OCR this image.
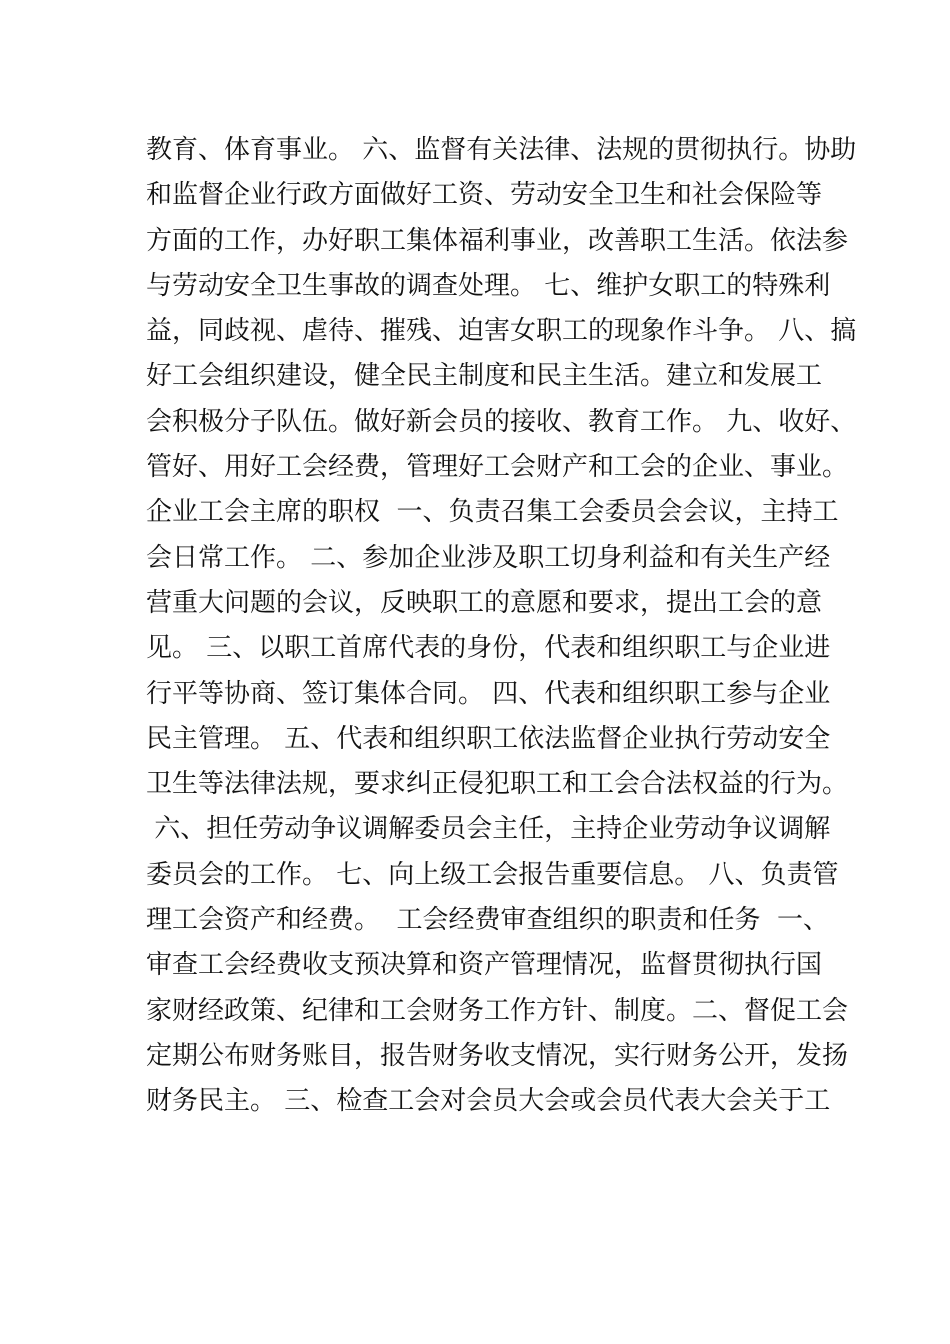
教育、体育事业。 六、监督有关法律、法规的贯彻执行。协助
和监督企业行政方面做好工资、劳动安全卫生和社会保险等
方面的工作，办好职工集体福利事业，改善职工生活。依法参
与劳动安全卫生事故的调查处理。 七、维护女职工的特殊利
益，同歧视、虐待、摧残、迫害女职工的现象作斗争。 八、搞
好工会组织建设，健全民主制度和民主生活。建立和发展工
会积极分子队伍。做好新会员的接收、教育工作。 九、收好、
管好、用好工会经费，管理好工会财产和工会的企业、事业。
企业工会主席的职权  一、负责召集工会委员会会议，主持工
会日常工作。 二、参加企业涉及职工切身利益和有关生产经
营重大问题的会议，反映职工的意愿和要求，提出工会的意
见。 三、以职工首席代表的身份，代表和组织职工与企业进
行平等协商、签订集体合同。 四、代表和组织职工参与企业
民主管理。 五、代表和组织职工依法监督企业执行劳动安全
卫生等法律法规，要求纠正侵犯职工和工会合法权益的行为。
六、担任劳动争议调解委员会主任，主持企业劳动争议调解
委员会的工作。 七、向上级工会报告重要信息。 八、负责管
理工会资产和经费。  工会经费审查组织的职责和任务  一、
审查工会经费收支预决算和资产管理情况，监督贯彻执行国
家财经政策、纪律和工会财务工作方针、制度。二、督促工会
定期公布财务账目，报告财务收支情况，实行财务公开，发扬
财务民主。 三、检查工会对会员大会或会员代表大会关于工
